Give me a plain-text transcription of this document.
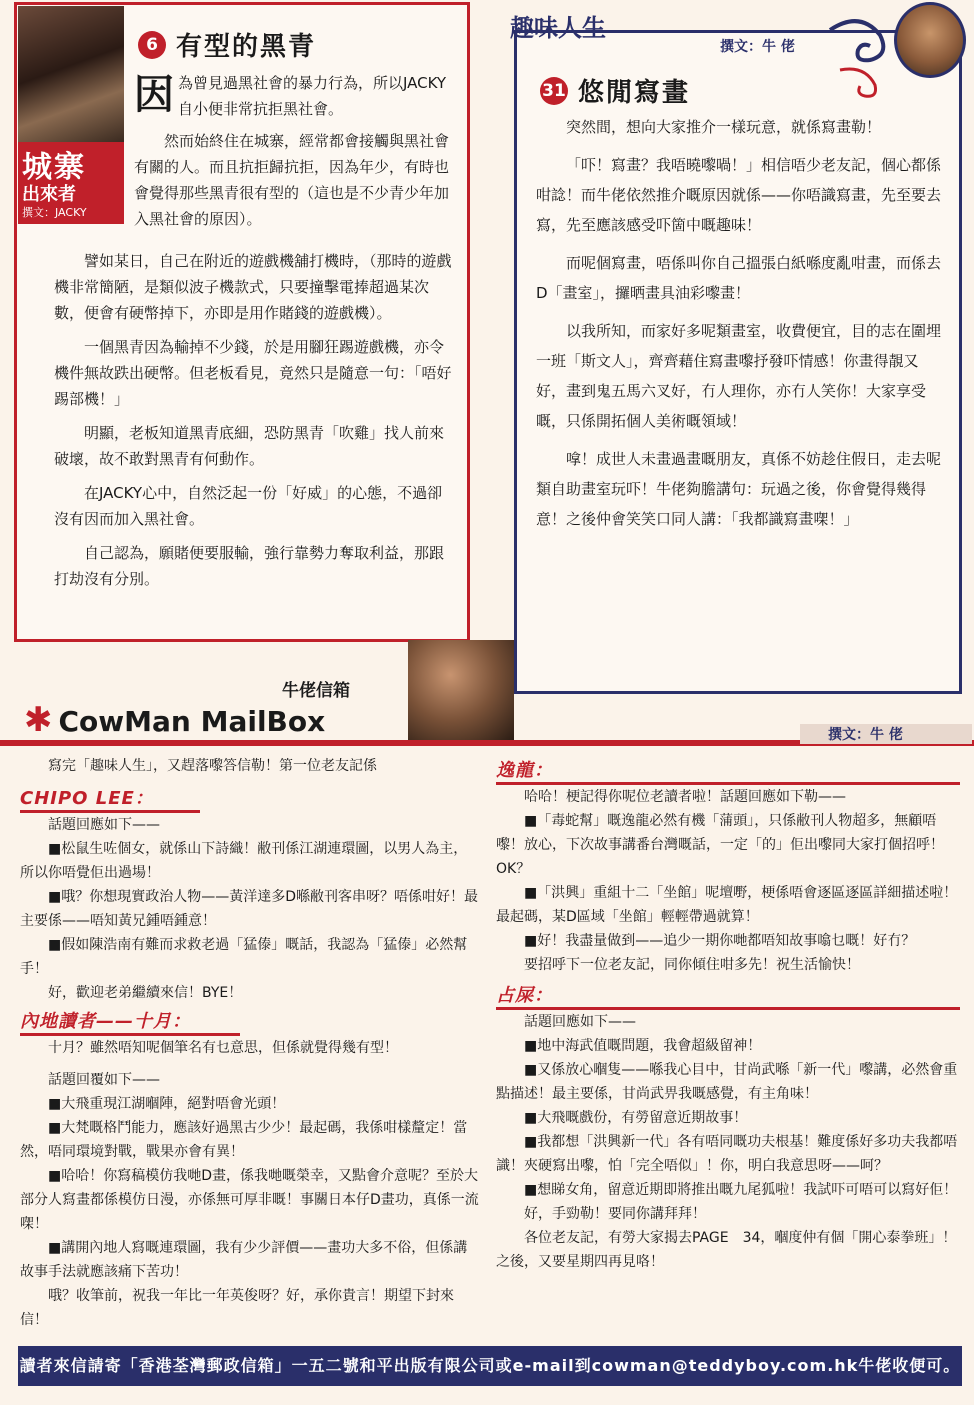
城寨
出來者
撰文：JACKY
6 有型的黑青

因為曾見過黑社會的暴力行為，所以JACKY自小便非常抗拒黑社會。

然而始終住在城寨，經常都會接觸與黑社會有關的人。而且抗拒歸抗拒，因為年少，有時也會覺得那些黑青很有型的（這也是不少青少年加入黑社會的原因）。

譬如某日，自己在附近的遊戲機舖打機時，（那時的遊戲機非常簡陋，是類似波子機款式，只要撞擊電捧超過某次數，便會有硬幣掉下，亦即是用作賭錢的遊戲機）。

一個黑青因為輸掉不少錢，於是用腳狂踢遊戲機，亦令機件無故跌出硬幣。但老板看見，竟然只是隨意一句：「唔好踢部機！」

明顯，老板知道黑青底細，恐防黑青「吹雞」找人前來破壞，故不敢對黑青有何動作。

在JACKY心中，自然泛起一份「好威」的心態，不過卻沒有因而加入黑社會。

自己認為，願賭便要服輸，強行靠勢力奪取利益，那跟打劫沒有分別。

趣味人生
撰文：牛 佬
31 悠閒寫畫

突然間，想向大家推介一樣玩意，就係寫畫勒！

「吓！寫畫？我唔曉嚟喎！」相信唔少老友記，個心都係咁諗！而牛佬依然推介嘅原因就係——你唔識寫畫，先至要去寫，先至應該感受吓箇中嘅趣味！

而呢個寫畫，唔係叫你自己搵張白紙喺度亂咁畫，而係去D「畫室」，攞晒畫具油彩嚟畫！

以我所知，而家好多呢類畫室，收費便宜，目的志在圍埋一班「斯文人」，齊齊藉住寫畫嚟抒發吓情感！你畫得靚又好，畫到鬼五馬六叉好，冇人理你，亦冇人笑你！大家享受嘅，只係開拓個人美術嘅領域！

嗱！成世人未畫過畫嘅朋友，真係不妨趁住假日，走去呢類自助畫室玩吓！牛佬夠膽講句：玩過之後，你會覺得幾得意！之後仲會笑笑口同人講：「我都識寫畫㗎！」

牛佬信箱
✱ CowMan MailBox	撰文：牛 佬

寫完「趣味人生」，又趕落嚟答信勒！第一位老友記係

CHIPO LEE：

話題回應如下——

■松鼠生咗個女，就係山下詩織！敝刊係江湖連環圖，以男人為主，所以你唔覺佢出過場！

■哦？你想現實政治人物——黃洋達多D喺敝刊客串呀？唔係咁好！最主要係——唔知黃兄鍾唔鍾意！

■假如陳浩南有難而求救老過「猛傣」嘅話，我認為「猛傣」必然幫手！

好，歡迎老弟繼續來信！BYE！

內地讀者——十月：

十月？雖然唔知呢個筆名有乜意思，但係就覺得幾有型！

話題回覆如下——

■大飛重現江湖嗰陣，絕對唔會光頭！

■大梵嘅格鬥能力，應該好過黑古少少！最起碼，我係咁樣釐定！當然，唔同環境對戰，戰果亦會有異！

■哈哈！你寫稿模仿我哋D畫，係我哋嘅榮幸，又點會介意呢？至於大部分人寫畫都係模仿日漫，亦係無可厚非嘅！事關日本仔D畫功，真係一流㗎！

■講開內地人寫嘅連環圖，我有少少評價——畫功大多不俗，但係講故事手法就應該痛下苦功！

哦？收筆前，祝我一年比一年英俊呀？好，承你貴言！期望下封來信！

逸龍：

哈哈！梗記得你呢位老讀者啦！話題回應如下勒——

■「毒蛇幫」嘅逸龍必然有機「蒲頭」，只係敝刊人物超多，無顧唔嚟！放心，下次故事講番台灣嘅話，一定「的」佢出嚟同大家打個招呼！OK？

■「洪興」重組十二「坐館」呢壇嘢，梗係唔會逐區逐區詳細描述啦！最起碼，某D區域「坐館」輕輕帶過就算！

■好！我盡量做到——追少一期你哋都唔知故事噏乜嘅！好冇？

要招呼下一位老友記，同你傾住咁多先！祝生活愉快！

占屎：

話題回應如下——

■地中海武值嘅問題，我會超級留神！

■又係放心嗰隻——喺我心目中，甘尚武喺「新一代」嚟講，必然會重點描述！最主要係，甘尚武畀我嘅感覺，有主角味！

■大飛嘅戲份，有勞留意近期故事！

■我都想「洪興新一代」各有唔同嘅功夫根基！難度係好多功夫我都唔識！夾硬寫出嚟，怕「完全唔似」！你，明白我意思呀——呵？

■想睇女角，留意近期即將推出嘅九尾狐啦！我試吓可唔可以寫好佢！

好，手勁勒！要同你講拜拜！

各位老友記，有勞大家揭去PAGE　34，嗰度仲有個「開心泰拳班」！之後，又要星期四再見咯！

讀者來信請寄「香港荃灣郵政信箱」一五二號和平出版有限公司或e-mail到cowman@teddyboy.com.hk牛佬收便可。
